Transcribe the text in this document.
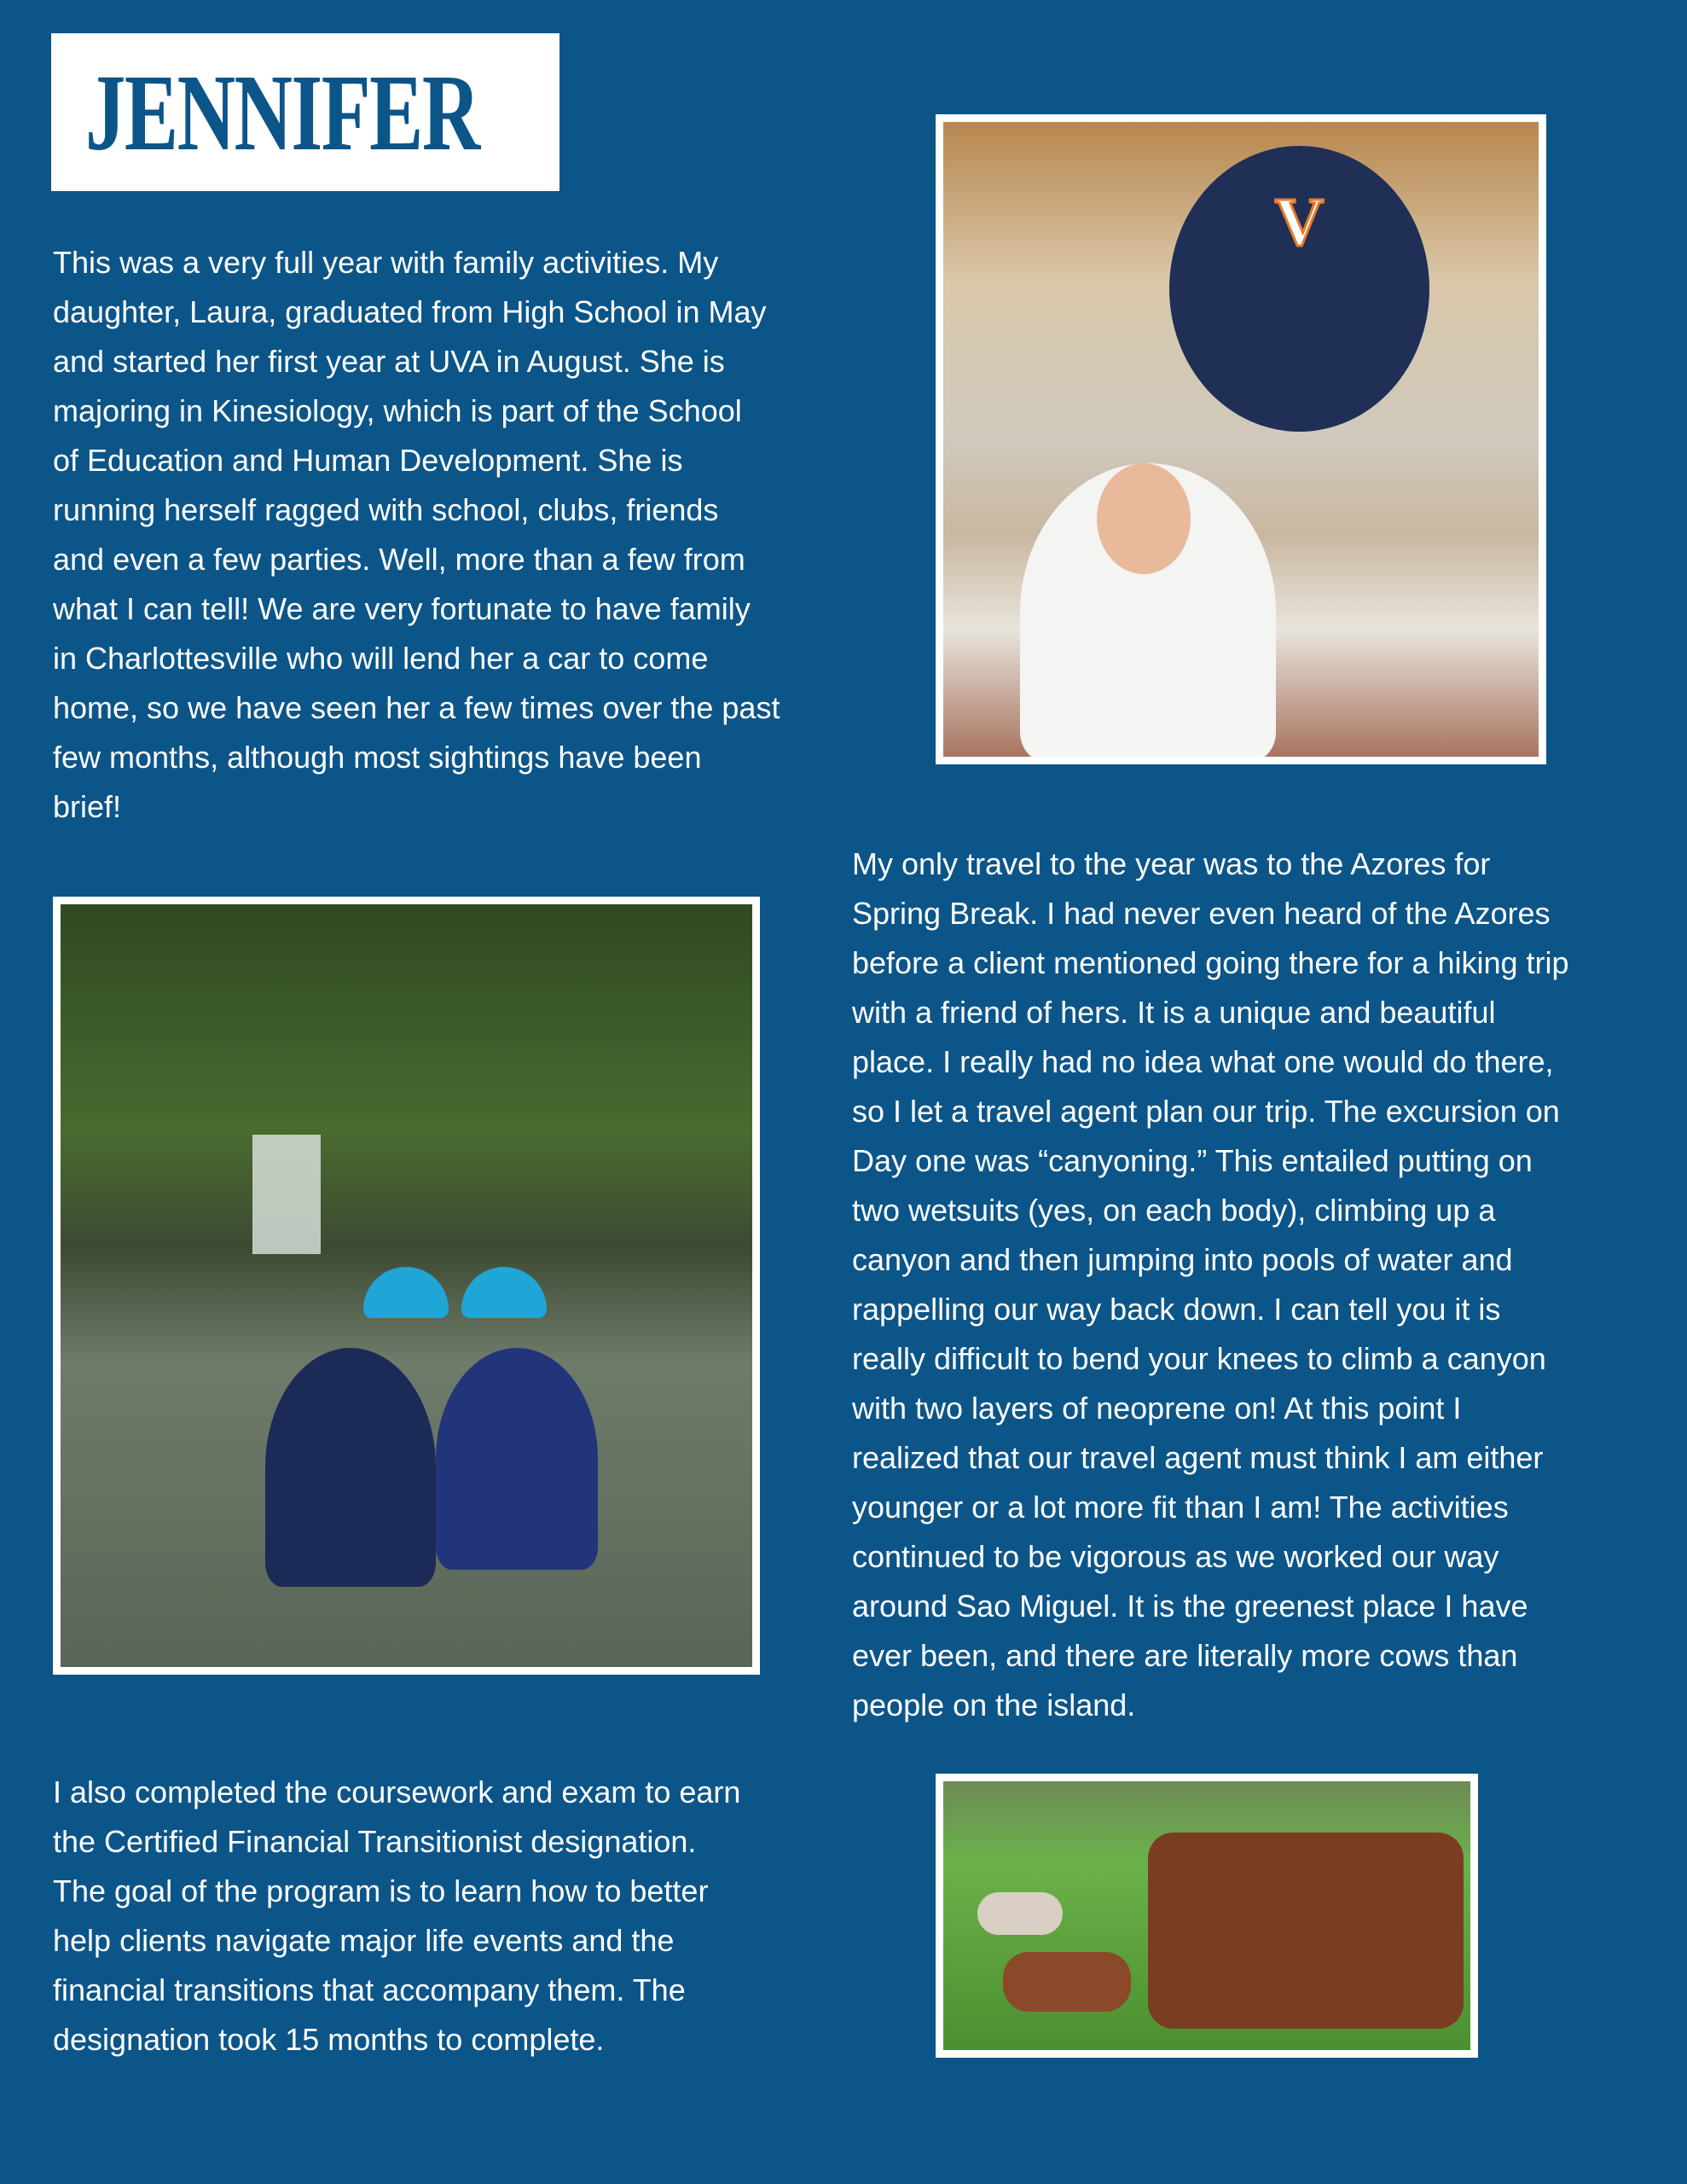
JENNIFER
This was a very full year with family activities. My
daughter, Laura, graduated from High School in May
and started her first year at UVA in August. She is
majoring in Kinesiology, which is part of the School
of Education and Human Development. She is
running herself ragged with school, clubs, friends
and even a few parties. Well, more than a few from
what I can tell! We are very fortunate to have family
in Charlottesville who will lend her a car to come
home, so we have seen her a few times over the past
few months, although most sightings have been
brief!
V
My only travel to the year was to the Azores for
Spring Break. I had never even heard of the Azores
before a client mentioned going there for a hiking trip
with a friend of hers. It is a unique and beautiful
place. I really had no idea what one would do there,
so I let a travel agent plan our trip. The excursion on
Day one was “canyoning.” This entailed putting on
two wetsuits (yes, on each body), climbing up a
canyon and then jumping into pools of water and
rappelling our way back down. I can tell you it is
really difficult to bend your knees to climb a canyon
with two layers of neoprene on! At this point I
realized that our travel agent must think I am either
younger or a lot more fit than I am! The activities
continued to be vigorous as we worked our way
around Sao Miguel. It is the greenest place I have
ever been, and there are literally more cows than
people on the island.
I also completed the coursework and exam to earn
the Certified Financial Transitionist designation.
The goal of the program is to learn how to better
help clients navigate major life events and the
financial transitions that accompany them. The
designation took 15 months to complete.
